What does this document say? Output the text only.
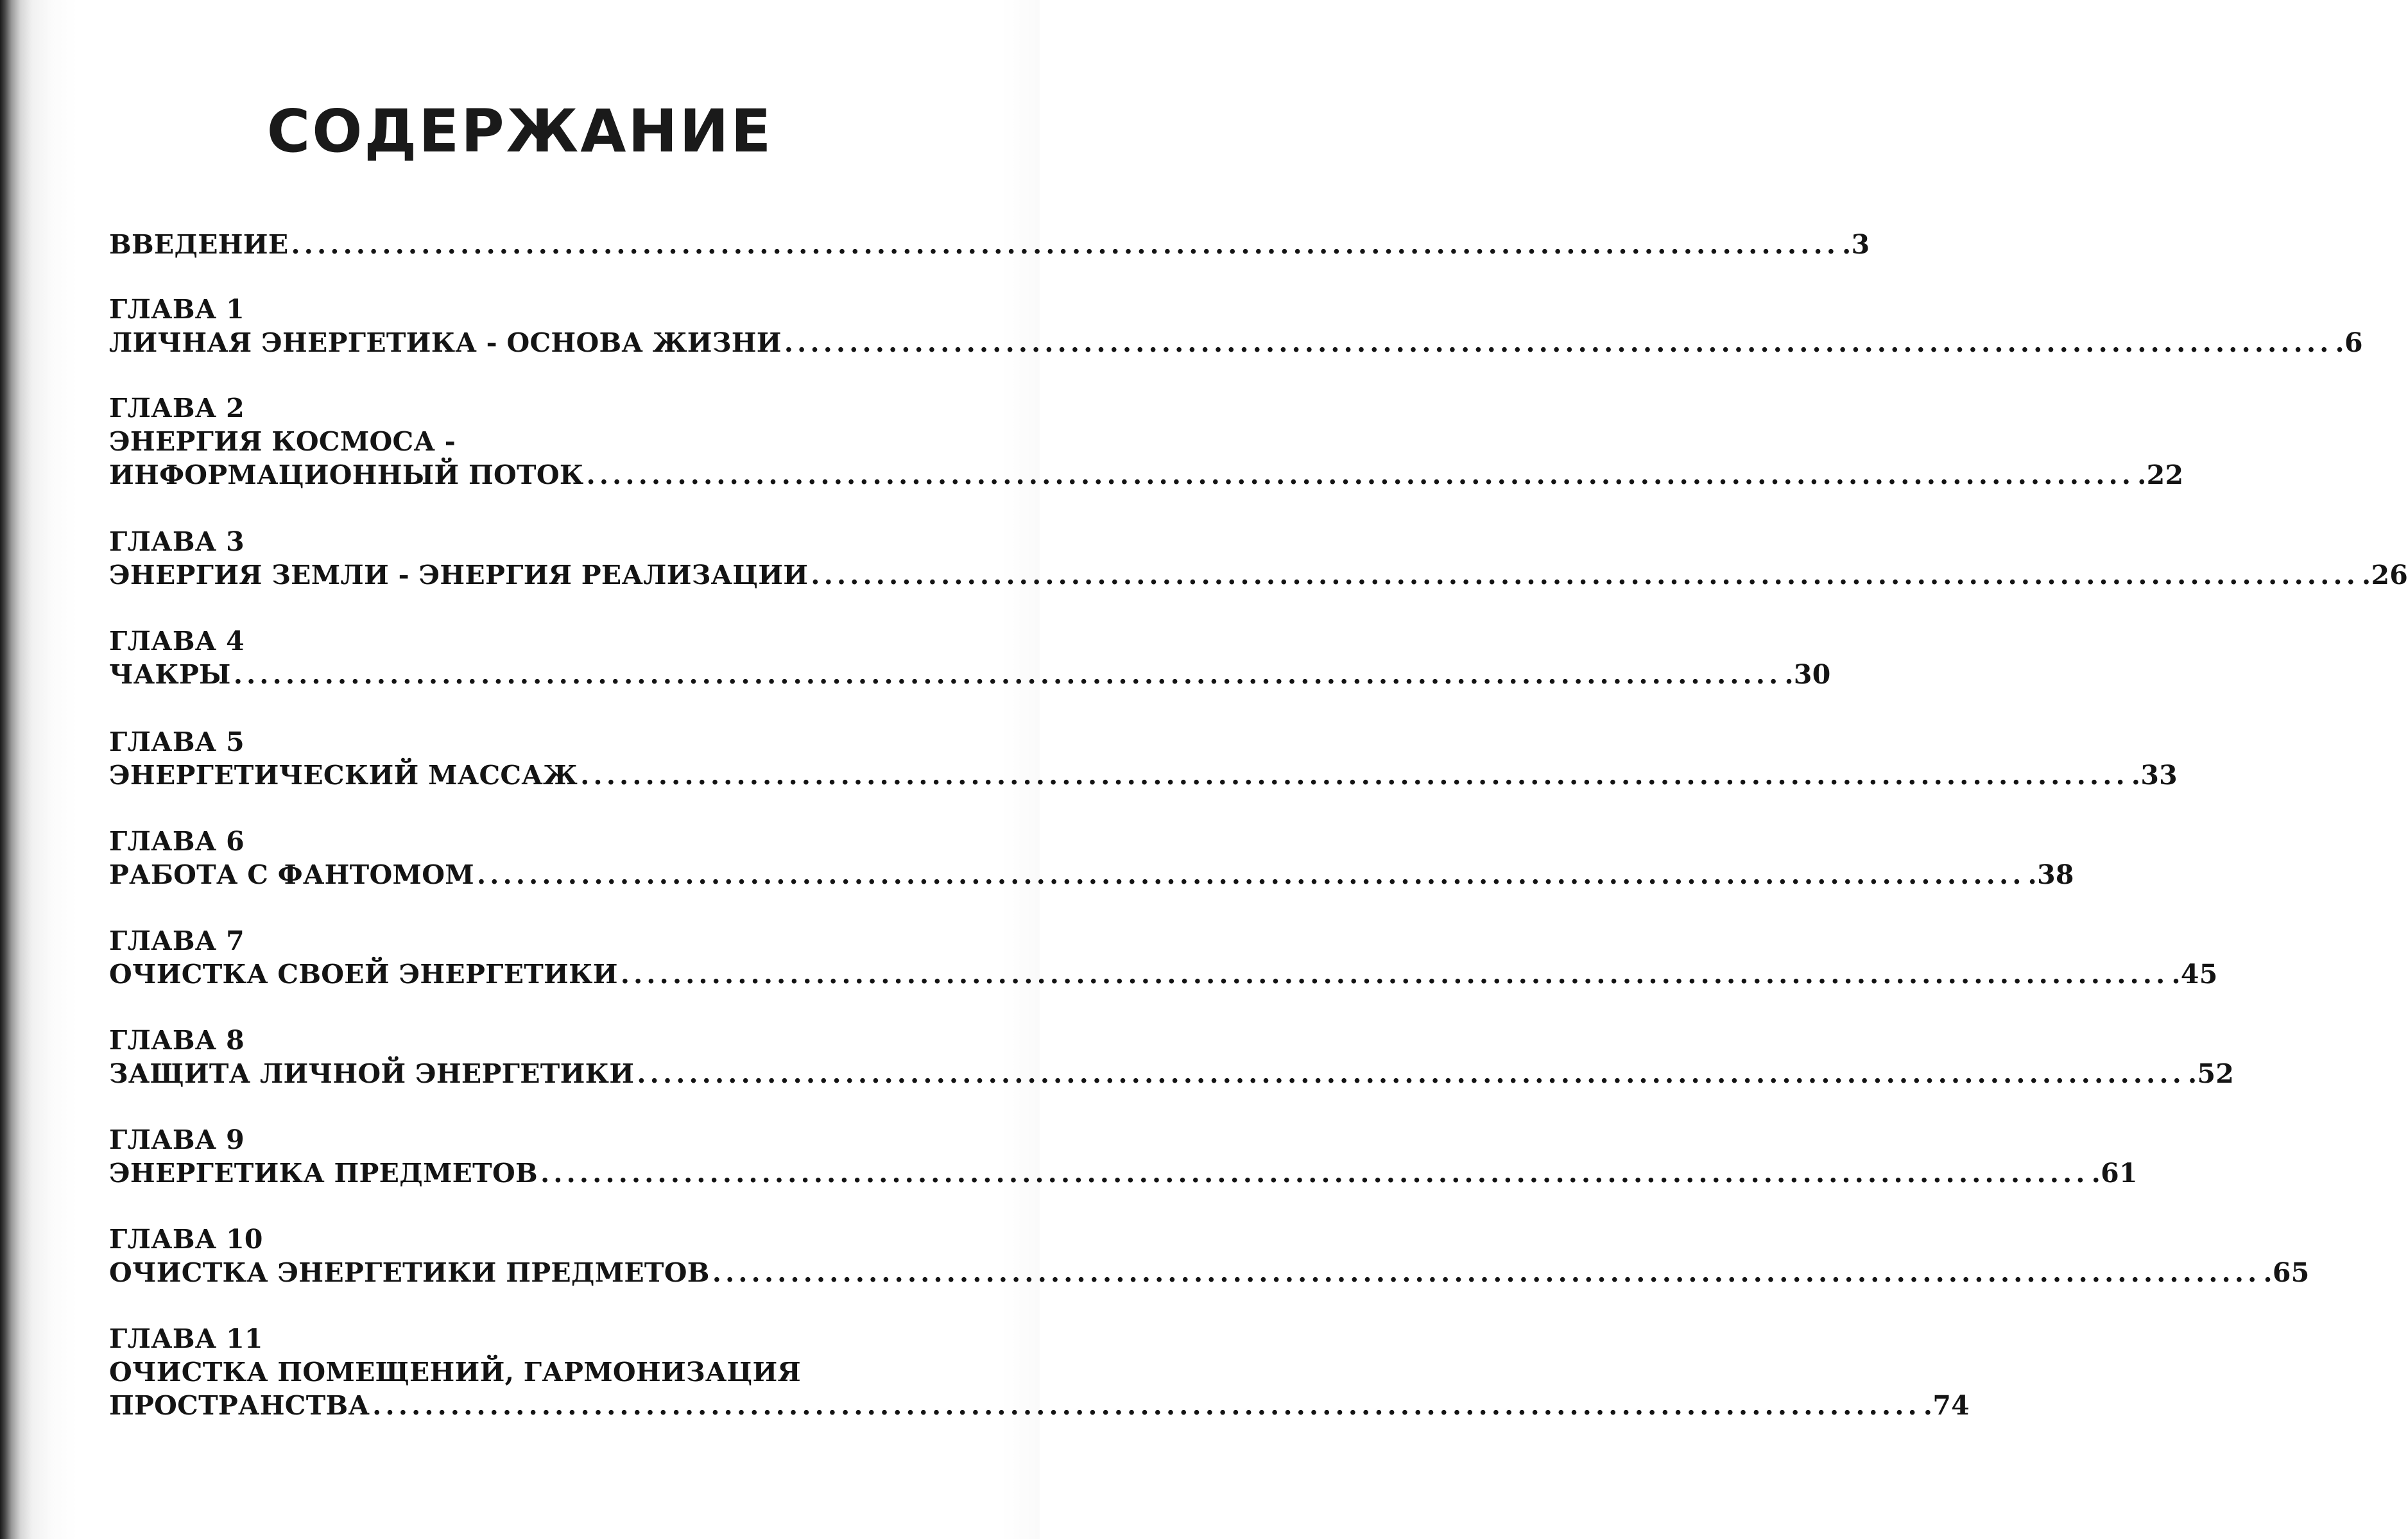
СОДЕРЖАНИЕ
ВВЕДЕНИЕ ....................................................................................................................... .3
ГЛАВА 1
ЛИЧНАЯ ЭНЕРГЕТИКА - ОСНОВА ЖИЗНИ ....................................................................................................................... .6
ГЛАВА 2
ЭНЕРГИЯ КОСМОСА -
ИНФОРМАЦИОННЫЙ ПОТОК ....................................................................................................................... .22
ГЛАВА 3
ЭНЕРГИЯ ЗЕМЛИ - ЭНЕРГИЯ РЕАЛИЗАЦИИ ....................................................................................................................... .26
ГЛАВА 4
ЧАКРЫ ....................................................................................................................... .30
ГЛАВА 5
ЭНЕРГЕТИЧЕСКИЙ МАССАЖ ....................................................................................................................... .33
ГЛАВА 6
РАБОТА С ФАНТОМОМ ....................................................................................................................... .38
ГЛАВА 7
ОЧИСТКА СВОЕЙ ЭНЕРГЕТИКИ ....................................................................................................................... .45
ГЛАВА 8
ЗАЩИТА ЛИЧНОЙ ЭНЕРГЕТИКИ ....................................................................................................................... .52
ГЛАВА 9
ЭНЕРГЕТИКА ПРЕДМЕТОВ ....................................................................................................................... .61
ГЛАВА 10
ОЧИСТКА ЭНЕРГЕТИКИ ПРЕДМЕТОВ ....................................................................................................................... .65
ГЛАВА 11
ОЧИСТКА ПОМЕЩЕНИЙ, ГАРМОНИЗАЦИЯ
ПРОСТРАНСТВА ....................................................................................................................... .74
